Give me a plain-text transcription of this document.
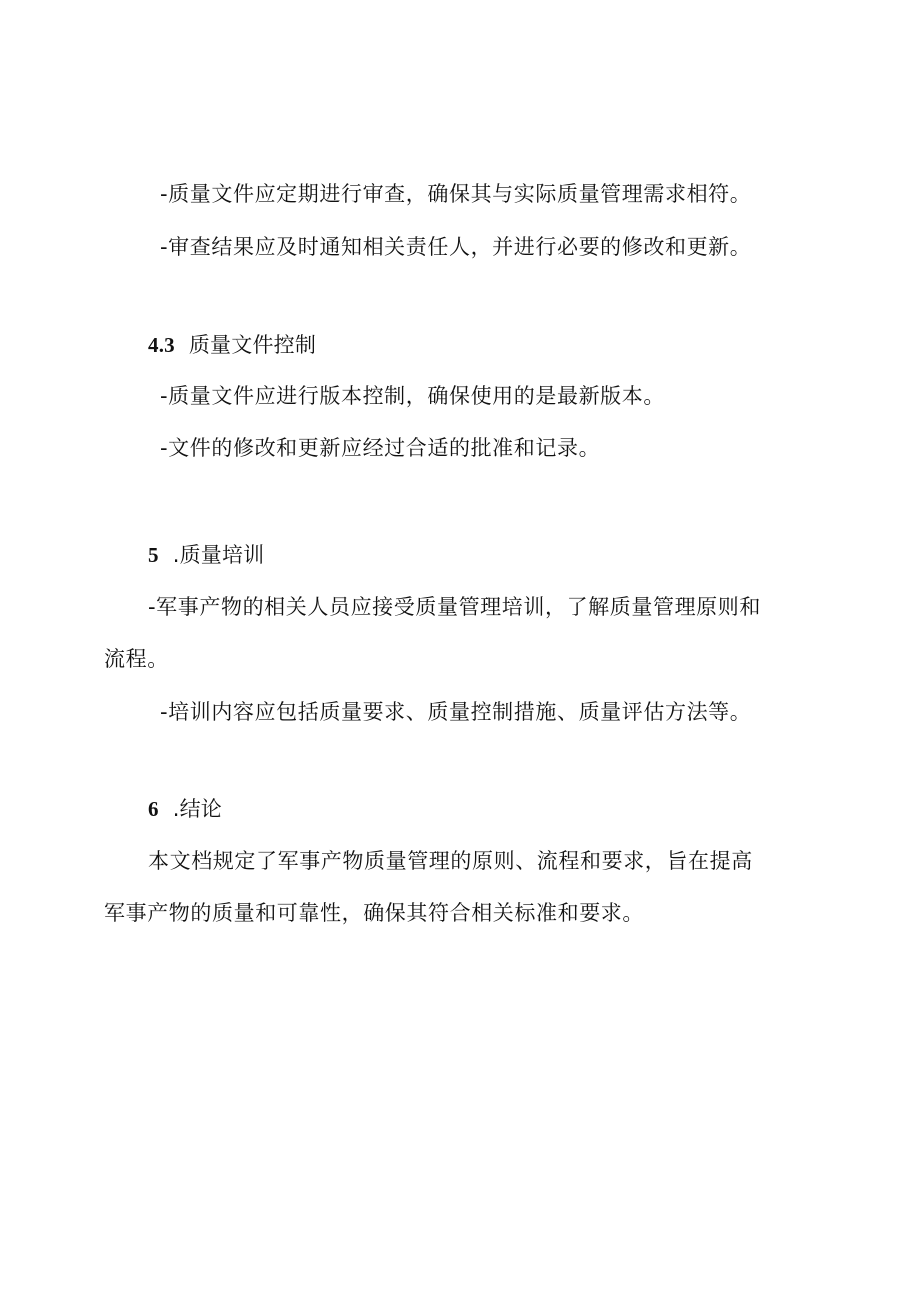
-质量文件应定期进行审查，确保其与实际质量管理需求相符。
-审查结果应及时通知相关责任人，并进行必要的修改和更新。
4.3 质量文件控制
-质量文件应进行版本控制，确保使用的是最新版本。
-文件的修改和更新应经过合适的批准和记录。
5 .质量培训
-军事产物的相关人员应接受质量管理培训，了解质量管理原则和
流程。
-培训内容应包括质量要求、质量控制措施、质量评估方法等。
6 .结论
本文档规定了军事产物质量管理的原则、流程和要求，旨在提高
军事产物的质量和可靠性，确保其符合相关标准和要求。
